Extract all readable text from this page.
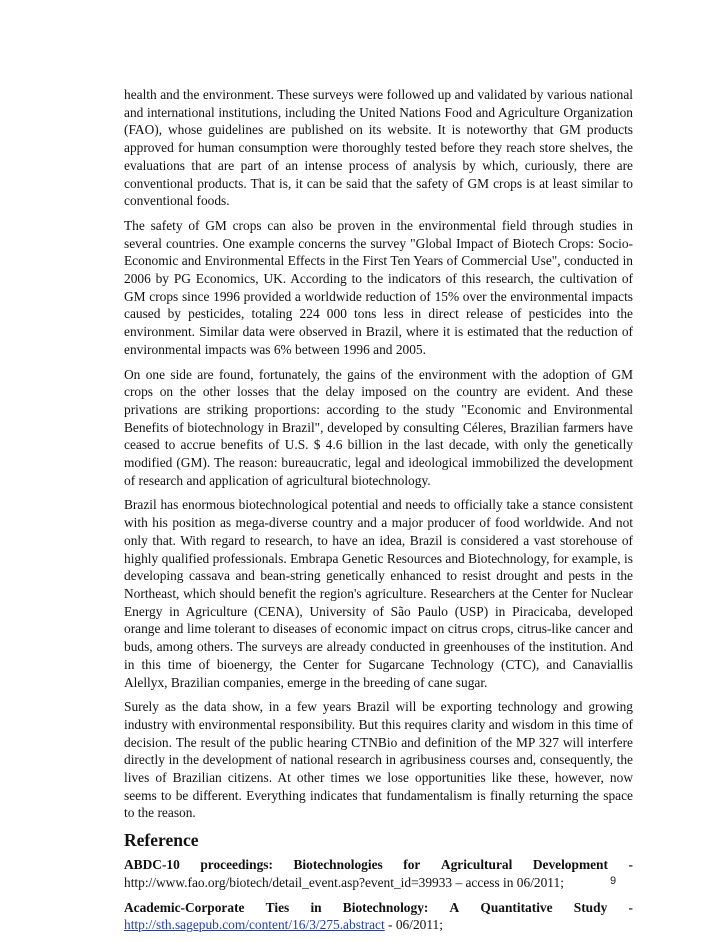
health and the environment. These surveys were followed up and validated by various national and international institutions, including the United Nations Food and Agriculture Organization (FAO), whose guidelines are published on its website. It is noteworthy that GM products approved for human consumption were thoroughly tested before they reach store shelves, the evaluations that are part of an intense process of analysis by which, curiously, there are conventional products. That is, it can be said that the safety of GM crops is at least similar to conventional foods.

The safety of GM crops can also be proven in the environmental field through studies in several countries. One example concerns the survey "Global Impact of Biotech Crops: Socio-Economic and Environmental Effects in the First Ten Years of Commercial Use", conducted in 2006 by PG Economics, UK. According to the indicators of this research, the cultivation of GM crops since 1996 provided a worldwide reduction of 15% over the environmental impacts caused by pesticides, totaling 224 000 tons less in direct release of pesticides into the environment. Similar data were observed in Brazil, where it is estimated that the reduction of environmental impacts was 6% between 1996 and 2005.

On one side are found, fortunately, the gains of the environment with the adoption of GM crops on the other losses that the delay imposed on the country are evident. And these privations are striking proportions: according to the study "Economic and Environmental Benefits of biotechnology in Brazil", developed by consulting Céleres, Brazilian farmers have ceased to accrue benefits of U.S. $ 4.6 billion in the last decade, with only the genetically modified (GM). The reason: bureaucratic, legal and ideological immobilized the development of research and application of agricultural biotechnology.

Brazil has enormous biotechnological potential and needs to officially take a stance consistent with his position as mega-diverse country and a major producer of food worldwide. And not only that. With regard to research, to have an idea, Brazil is considered a vast storehouse of highly qualified professionals. Embrapa Genetic Resources and Biotechnology, for example, is developing cassava and bean-string genetically enhanced to resist drought and pests in the Northeast, which should benefit the region's agriculture. Researchers at the Center for Nuclear Energy in Agriculture (CENA), University of São Paulo (USP) in Piracicaba, developed orange and lime tolerant to diseases of economic impact on citrus crops, citrus-like cancer and buds, among others. The surveys are already conducted in greenhouses of the institution. And in this time of bioenergy, the Center for Sugarcane Technology (CTC), and Canaviallis Alellyx, Brazilian companies, emerge in the breeding of cane sugar.

Surely as the data show, in a few years Brazil will be exporting technology and growing industry with environmental responsibility. But this requires clarity and wisdom in this time of decision. The result of the public hearing CTNBio and definition of the MP 327 will interfere directly in the development of national research in agribusiness courses and, consequently, the lives of Brazilian citizens. At other times we lose opportunities like these, however, now seems to be different. Everything indicates that fundamentalism is finally returning the space to the reason.

Reference
ABDC-10 proceedings: Biotechnologies for Agricultural Development -
http://www.fao.org/biotech/detail_event.asp?event_id=39933 – access in 06/2011;
Academic-Corporate Ties in Biotechnology: A Quantitative Study -
http://sth.sagepub.com/content/16/3/275.abstract - 06/2011;
9
